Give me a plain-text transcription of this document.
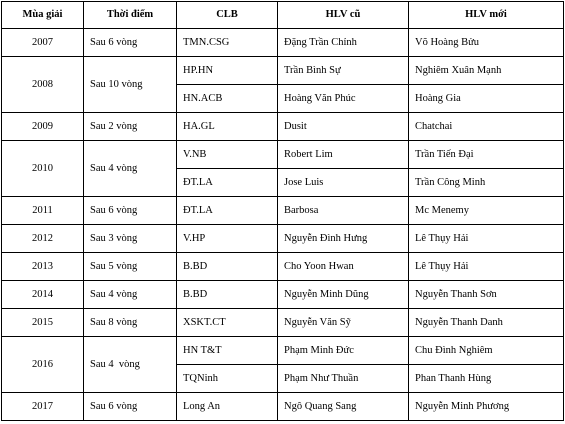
Mùa giải	Thời điểm	CLB	HLV cũ	HLV mới
2007	Sau 6 vòng	TMN.CSG	Đặng Trần Chỉnh	Võ Hoàng Bửu
2008	Sau 10 vòng	HP.HN	Trần Bình Sự	Nghiêm Xuân Mạnh
		HN.ACB	Hoàng Văn Phúc	Hoàng Gia
2009	Sau 2 vòng	HA.GL	Dusit	Chatchai
2010	Sau 4 vòng	V.NB	Robert Lim	Trần Tiến Đại
		ĐT.LA	Jose Luis	Trần Công Minh
2011	Sau 6 vòng	ĐT.LA	Barbosa	Mc Menemy
2012	Sau 3 vòng	V.HP	Nguyễn Đình Hưng	Lê Thụy Hải
2013	Sau 5 vòng	B.BD	Cho Yoon Hwan	Lê Thụy Hải
2014	Sau 4 vòng	B.BD	Nguyễn Minh Dũng	Nguyễn Thanh Sơn
2015	Sau 8 vòng	XSKT.CT	Nguyễn Văn Sỹ	Nguyễn Thanh Danh
2016	Sau 4  vòng	HN T&T	Phạm Minh Đức	Chu Đình Nghiêm
		TQNinh	Phạm Như Thuần	Phan Thanh Hùng
2017	Sau 6 vòng	Long An	Ngô Quang Sang	Nguyễn Minh Phương
